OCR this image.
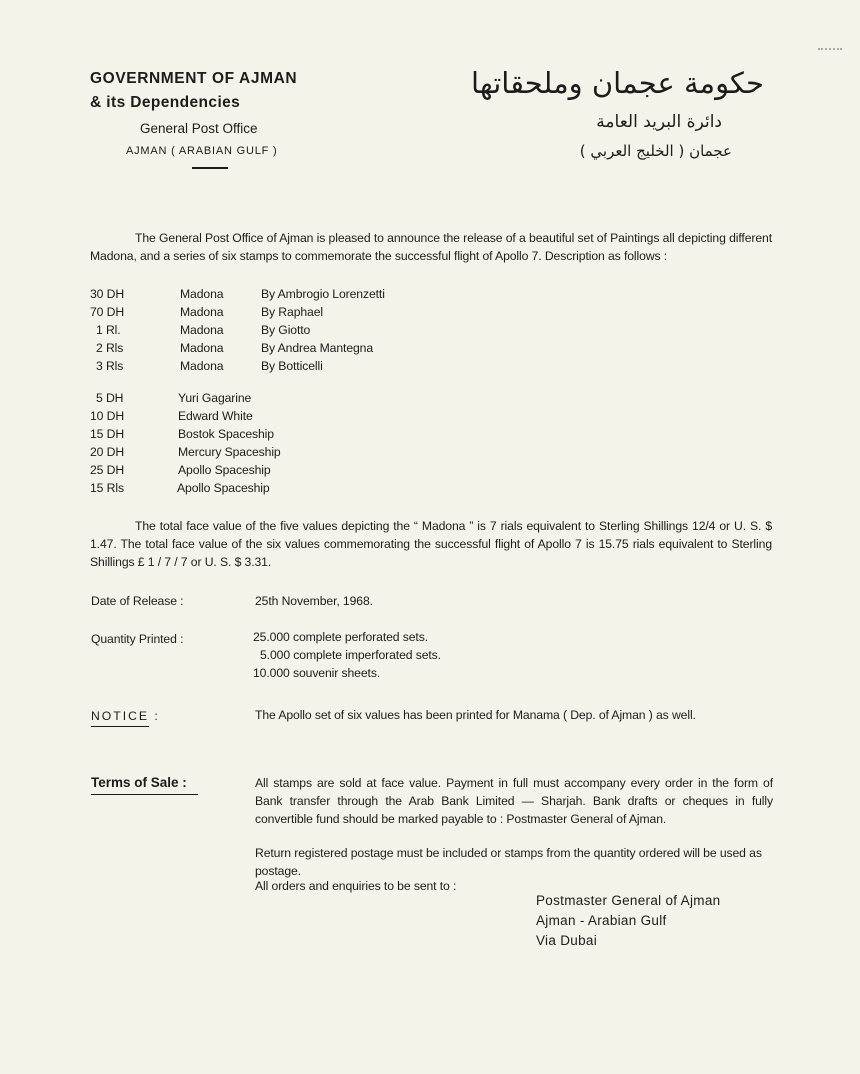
GOVERNMENT OF AJMAN
& its Dependencies
General Post Office
AJMAN ( ARABIAN GULF )
حكومة عجمان وملحقاتها
دائرة البريد العامة
عجمان ( الخليج العربي )
The General Post Office of Ajman is pleased to announce the release of a beautiful set of Paintings all depicting different Madona, and a series of six stamps to commemorate the successful flight of Apollo 7. Description as follows :
30 DH	Madona	By Ambrogio Lorenzetti
70 DH	Madona	By Raphael
1 Rl.	Madona	By Giotto
2 Rls	Madona	By Andrea Mantegna
3 Rls	Madona	By Botticelli
5 DH	Yuri Gagarine
10 DH	Edward White
15 DH	Bostok Spaceship
20 DH	Mercury Spaceship
25 DH	Apollo Spaceship
15 Rls	Apollo Spaceship
The total face value of the five values depicting the “ Madona ” is 7 rials equivalent to Sterling Shillings 12/4 or U. S. $ 1.47. The total face value of the six values commemorating the successful flight of Apollo 7 is 15.75 rials equivalent to Sterling Shillings £ 1 / 7 / 7 or U. S. $ 3.31.
Date of Release :	25th November, 1968.
Quantity Printed :	25.000 complete perforated sets.
5.000 complete imperforated sets.
10.000 souvenir sheets.
NOTICE :	The Apollo set of six values has been printed for Manama ( Dep. of Ajman ) as well.
Terms of Sale :	All stamps are sold at face value. Payment in full must accompany every order in the form of Bank transfer through the Arab Bank Limited — Sharjah. Bank drafts or cheques in fully convertible fund should be marked payable to : Postmaster General of Ajman.
Return registered postage must be included or stamps from the quantity ordered will be used as postage.
All orders and enquiries to be sent to :
Postmaster General of Ajman
Ajman - Arabian Gulf
Via Dubai
